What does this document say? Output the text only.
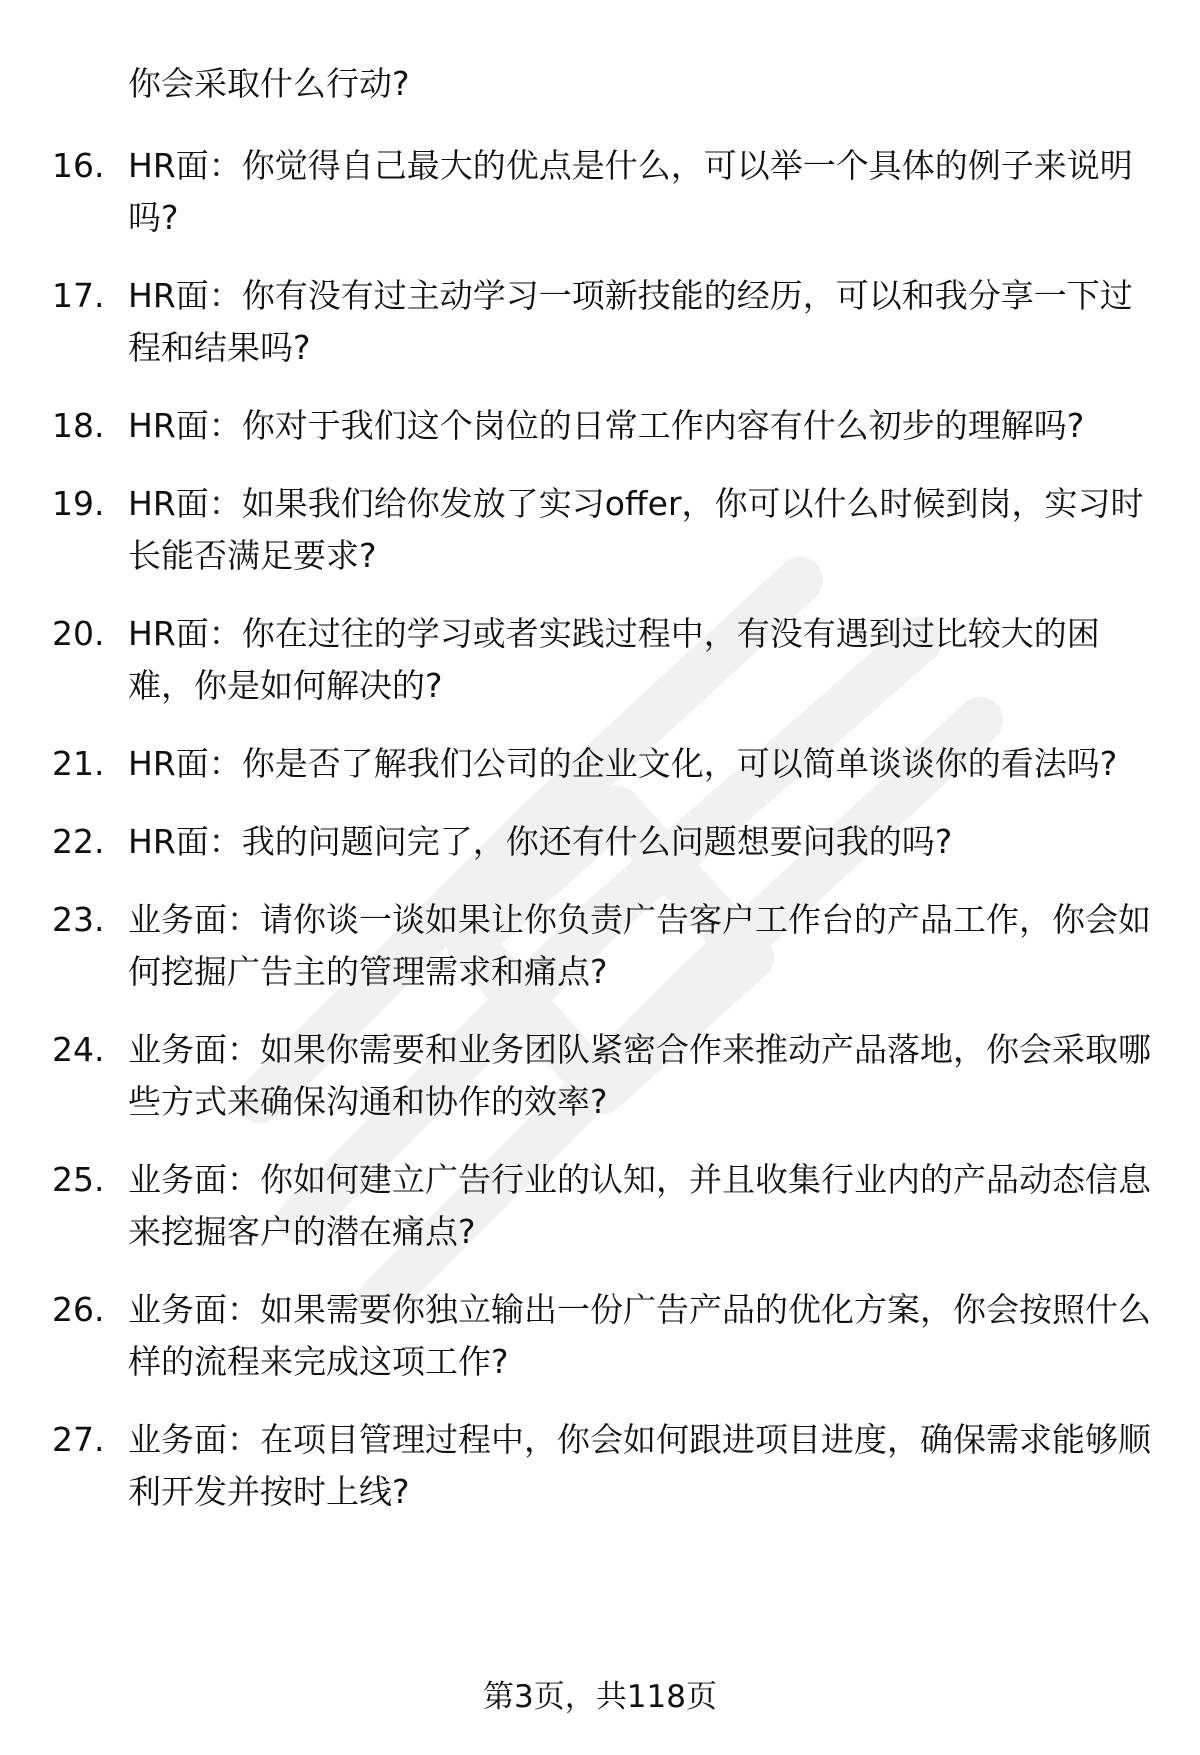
你会采取什么行动?
16. HR面：你觉得自己最大的优点是什么，可以举一个具体的例子来说明吗?
17. HR面：你有没有过主动学习一项新技能的经历，可以和我分享一下过程和结果吗?
18. HR面：你对于我们这个岗位的日常工作内容有什么初步的理解吗?
19. HR面：如果我们给你发放了实习offer，你可以什么时候到岗，实习时长能否满足要求?
20. HR面：你在过往的学习或者实践过程中，有没有遇到过比较大的困难，你是如何解决的?
21. HR面：你是否了解我们公司的企业文化，可以简单谈谈你的看法吗?
22. HR面：我的问题问完了，你还有什么问题想要问我的吗?
23. 业务面：请你谈一谈如果让你负责广告客户工作台的产品工作，你会如何挖掘广告主的管理需求和痛点?
24. 业务面：如果你需要和业务团队紧密合作来推动产品落地，你会采取哪些方式来确保沟通和协作的效率?
25. 业务面：你如何建立广告行业的认知，并且收集行业内的产品动态信息来挖掘客户的潜在痛点?
26. 业务面：如果需要你独立输出一份广告产品的优化方案，你会按照什么样的流程来完成这项工作?
27. 业务面：在项目管理过程中，你会如何跟进项目进度，确保需求能够顺利开发并按时上线?
第3页，共118页
